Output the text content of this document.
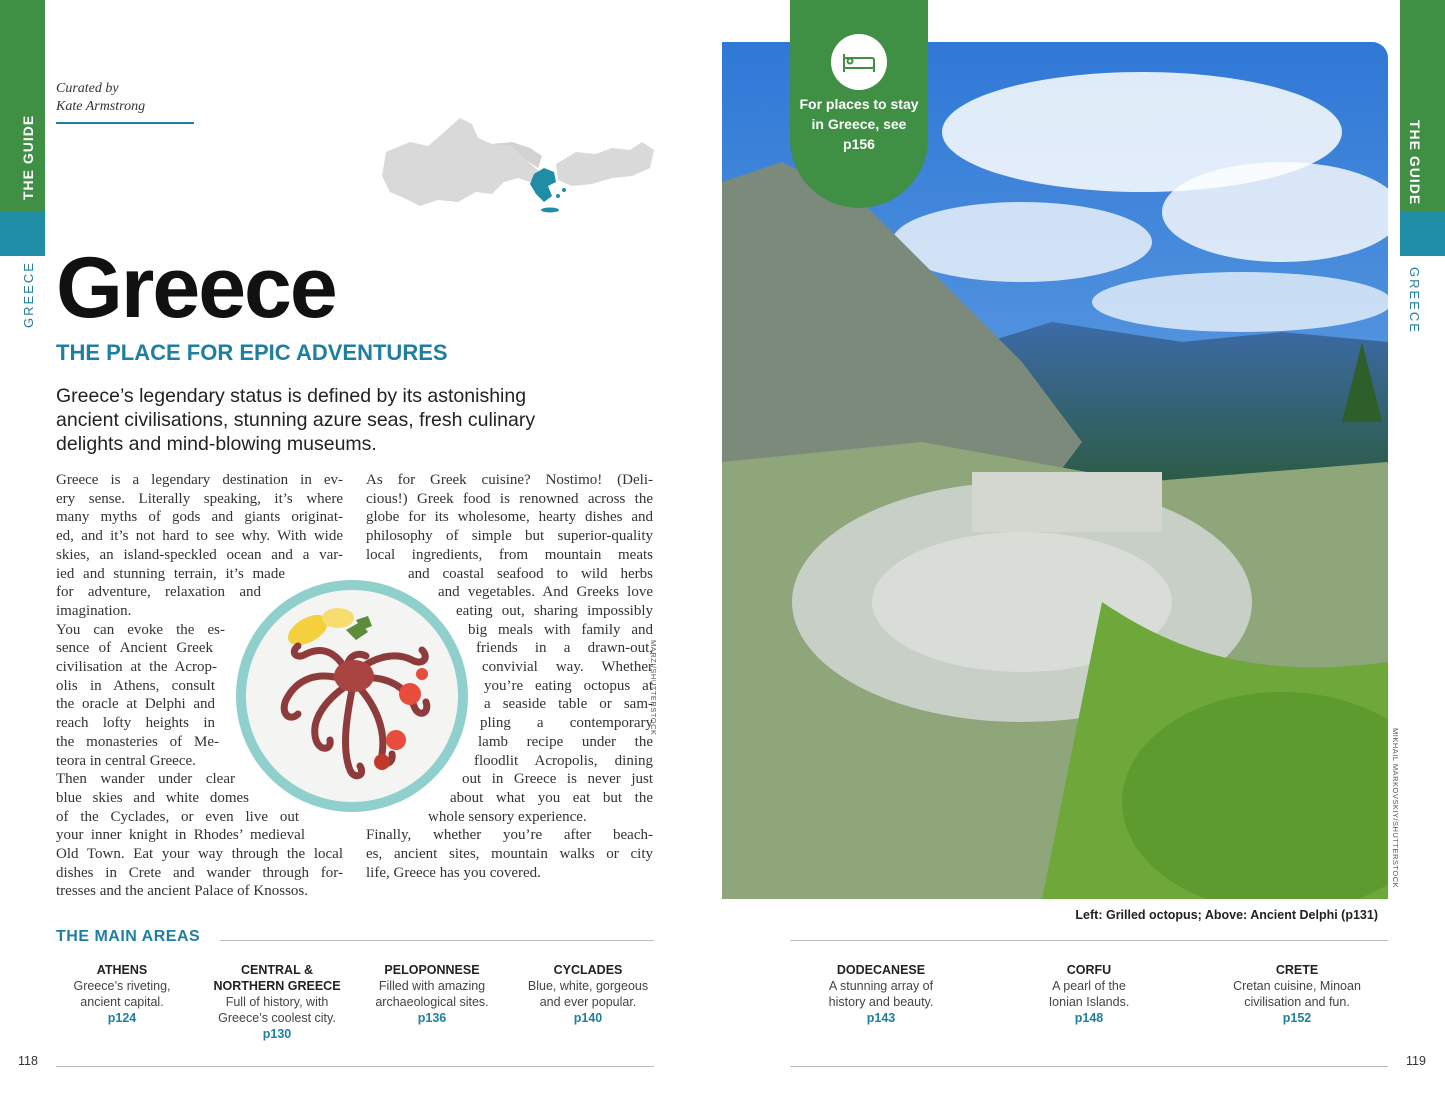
THE GUIDE
GREECE
THE GUIDE
GREECE
Curated by
Kate Armstrong
Greece
THE PLACE FOR EPIC ADVENTURES
Greece’s legendary status is defined by its astonishing ancient civilisations, stunning azure seas, fresh culinary delights and mind-blowing museums.
Greece is a legendary destination in ev-
ery sense. Literally speaking, it’s where
many myths of gods and giants originat-
ed, and it’s not hard to see why. With wide
skies, an island-speckled ocean and a var-
ied and stunning terrain, it’s made
for adventure, relaxation and
imagination.
You can evoke the es-
sence of Ancient Greek
civilisation at the Acrop-
olis in Athens, consult
the oracle at Delphi and
reach lofty heights in
the monasteries of Me-
teora in central Greece.
Then wander under clear
blue skies and white domes
of the Cyclades, or even live out
your inner knight in Rhodes’ medieval
Old Town. Eat your way through the local
dishes in Crete and wander through for-
tresses and the ancient Palace of Knossos.
As for Greek cuisine? Nostimo! (Deli-
cious!) Greek food is renowned across the
globe for its wholesome, hearty dishes and
philosophy of simple but superior-quality
local ingredients, from mountain meats
and coastal seafood to wild herbs
and vegetables. And Greeks love
eating out, sharing impossibly
big meals with family and
friends in a drawn-out,
convivial way. Whether
you’re eating octopus at
a seaside table or sam-
pling a contemporary
lamb recipe under the
floodlit Acropolis, dining
out in Greece is never just
about what you eat but the
whole sensory experience.
Finally, whether you’re after beach-
es, ancient sites, mountain walks or city
life, Greece has you covered.
MARZI/SHUTTERSTOCK
MIKHAIL MARKOVSKIY/SHUTTERSTOCK
For places to stay
in Greece, see
p156
Left: Grilled octopus; Above: Ancient Delphi (p131)
THE MAIN AREAS
ATHENS
Greece’s riveting,
ancient capital.
p124
CENTRAL &
NORTHERN GREECE
Full of history, with
Greece’s coolest city.
p130
PELOPONNESE
Filled with amazing
archaeological sites.
p136
CYCLADES
Blue, white, gorgeous
and ever popular.
p140
DODECANESE
A stunning array of
history and beauty.
p143
CORFU
A pearl of the
Ionian Islands.
p148
CRETE
Cretan cuisine, Minoan
civilisation and fun.
p152
118	119
